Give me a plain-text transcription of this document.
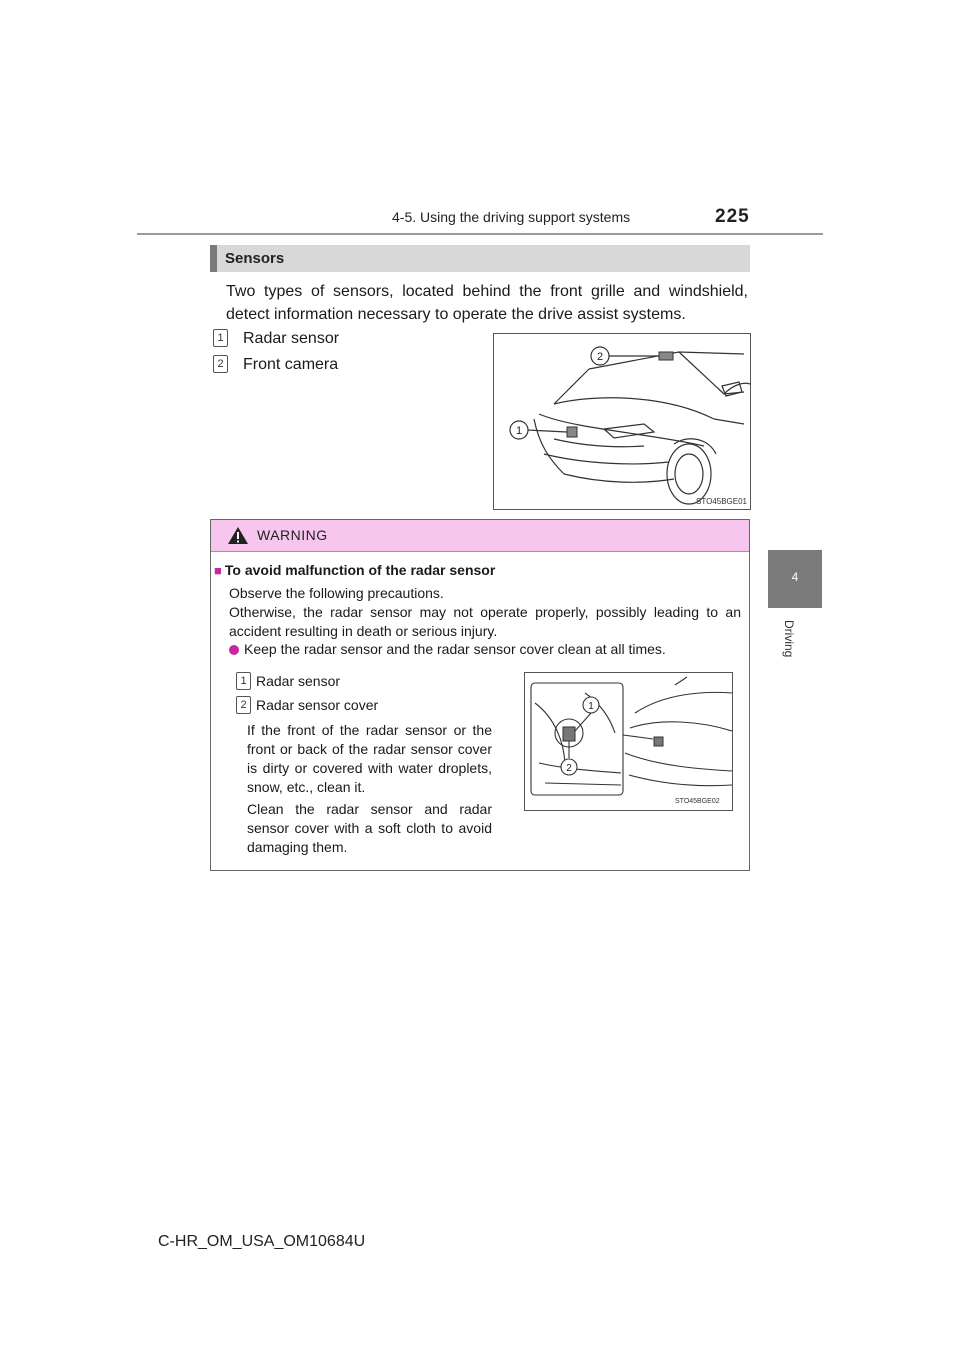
4-5. Using the driving support systems	225
4
Driving
Sensors
Two types of sensors, located behind the front grille and windshield, detect information necessary to operate the drive assist systems.
1 Radar sensor
2 Front camera
1
2
STO45BGE01
WARNING
■ To avoid malfunction of the radar sensor
Observe the following precautions.
Otherwise, the radar sensor may not operate properly, possibly leading to an accident resulting in death or serious injury.
Keep the radar sensor and the radar sensor cover clean at all times.
1 Radar sensor
2 Radar sensor cover
If the front of the radar sensor or the front or back of the radar sensor cover is dirty or covered with water droplets, snow, etc., clean it.
Clean the radar sensor and radar sensor cover with a soft cloth to avoid damaging them.
1
2
STO45BGE02
C-HR_OM_USA_OM10684U
